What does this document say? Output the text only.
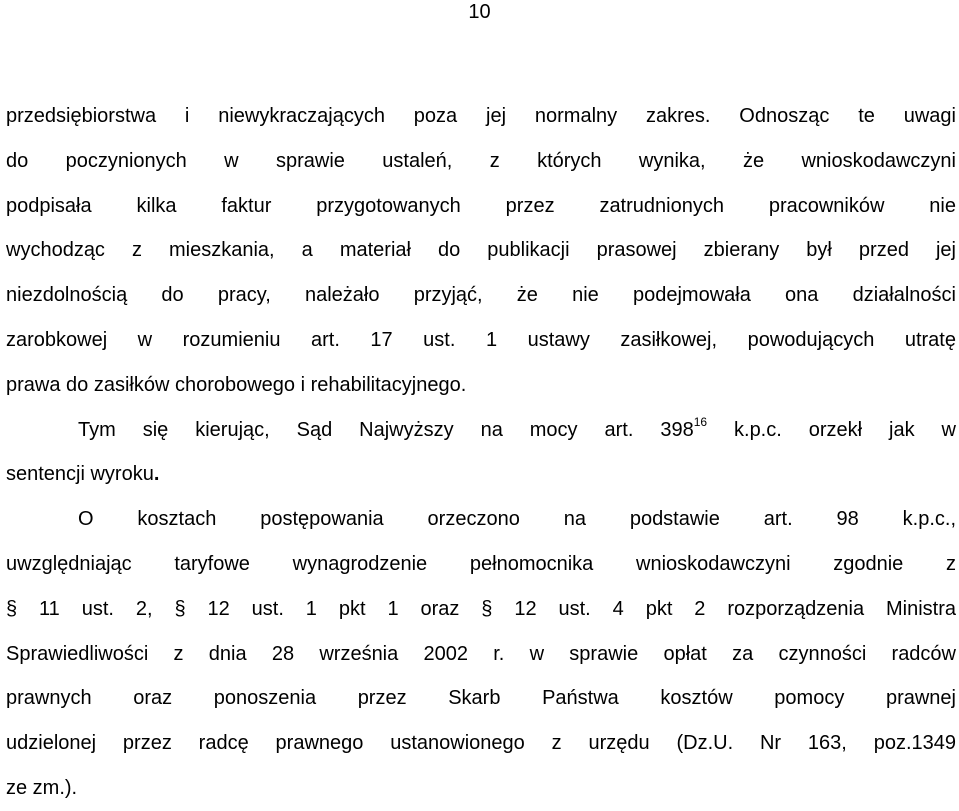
10
przedsiębiorstwa i niewykraczających poza jej normalny zakres. Odnosząc te uwagi
do poczynionych w sprawie ustaleń, z których wynika, że wnioskodawczyni
podpisała kilka faktur przygotowanych przez zatrudnionych pracowników nie
wychodząc z mieszkania, a materiał do publikacji prasowej zbierany był przed jej
niezdolnością do pracy, należało przyjąć, że nie podejmowała ona działalności
zarobkowej w rozumieniu art. 17 ust. 1 ustawy zasiłkowej, powodujących utratę
prawa do zasiłków chorobowego i rehabilitacyjnego.
Tym się kierując, Sąd Najwyższy na mocy art. $398^{16}$ k.p.c. orzekł jak w
sentencji wyroku.
O kosztach postępowania orzeczono na podstawie art. 98 k.p.c.,
uwzględniając taryfowe wynagrodzenie pełnomocnika wnioskodawczyni zgodnie z
§ 11 ust. 2, § 12 ust. 1 pkt 1 oraz § 12 ust. 4 pkt 2 rozporządzenia Ministra
Sprawiedliwości z dnia 28 września 2002 r. w sprawie opłat za czynności radców
prawnych oraz ponoszenia przez Skarb Państwa kosztów pomocy prawnej
udzielonej przez radcę prawnego ustanowionego z urzędu (Dz.U. Nr 163, poz.1349
ze zm.).
